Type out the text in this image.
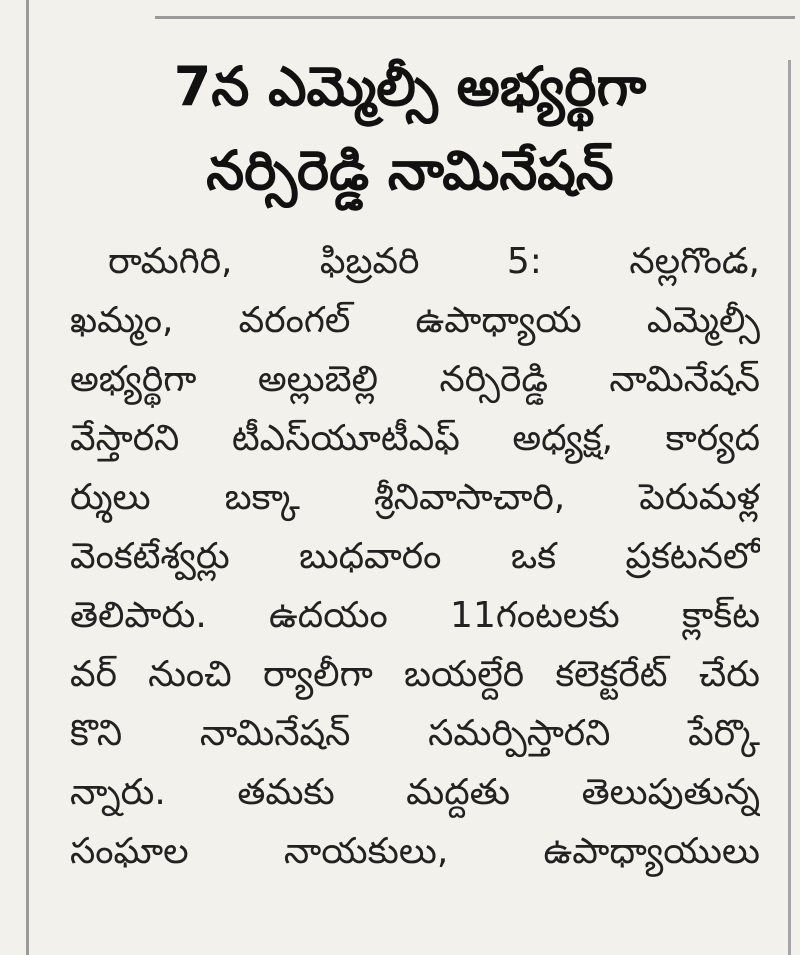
7న ఎమ్మెల్సీ అభ్యర్థిగా
నర్సిరెడ్డి నామినేషన్
రామగిరి, ఫిబ్రవరి 5: నల్లగొండ,
ఖమ్మం, వరంగల్ ఉపాధ్యాయ ఎమ్మెల్సీ
అభ్యర్థిగా అల్లుబెల్లి నర్సిరెడ్డి నామినేషన్
వేస్తారని టీఎస్‌యూటీఎఫ్ అధ్యక్ష, కార్యద
ర్శులు బక్కా శ్రీనివాసాచారి, పెరుమళ్ల
వెంకటేశ్వర్లు బుధవారం ఒక ప్రకటనలో
తెలిపారు. ఉదయం 11గంటలకు క్లాక్‌ట
వర్ నుంచి ర్యాలీగా బయల్దేరి కలెక్టరేట్ చేరు
కొని నామినేషన్ సమర్పిస్తారని పేర్కొ
న్నారు. తమకు మద్దతు తెలుపుతున్న
సంఘాల నాయకులు, ఉపాధ్యాయులు
